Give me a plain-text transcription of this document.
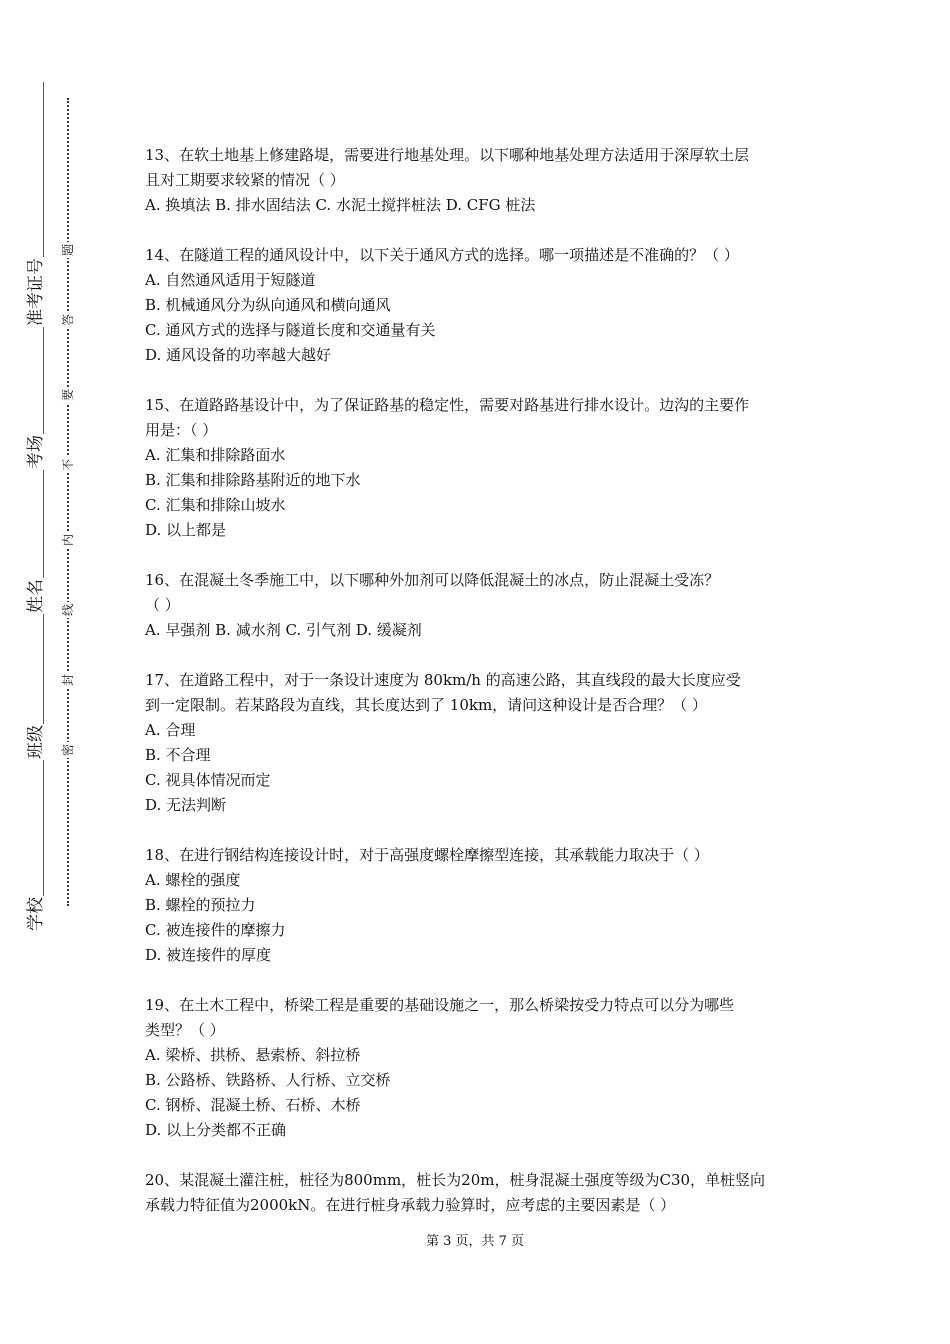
学校
班级
姓名
考场
准考证号
密
封
线
内
不
要
答
题

13、在软土地基上修建路堤，需要进行地基处理。以下哪种地基处理方法适用于深厚软土层

且对工期要求较紧的情况（ ）

A. 换填法 B. 排水固结法 C. 水泥土搅拌桩法 D. CFG 桩法

14、在隧道工程的通风设计中，以下关于通风方式的选择。哪一项描述是不准确的？（ ）

A. 自然通风适用于短隧道

B. 机械通风分为纵向通风和横向通风

C. 通风方式的选择与隧道长度和交通量有关

D. 通风设备的功率越大越好

15、在道路路基设计中，为了保证路基的稳定性，需要对路基进行排水设计。边沟的主要作

用是：（ ）

A. 汇集和排除路面水

B. 汇集和排除路基附近的地下水

C. 汇集和排除山坡水

D. 以上都是

16、在混凝土冬季施工中，以下哪种外加剂可以降低混凝土的冰点，防止混凝土受冻？

（ ）

A. 早强剂 B. 减水剂 C. 引气剂 D. 缓凝剂

17、在道路工程中，对于一条设计速度为 80km/h 的高速公路，其直线段的最大长度应受

到一定限制。若某路段为直线，其长度达到了 10km，请问这种设计是否合理？（ ）

A. 合理

B. 不合理

C. 视具体情况而定

D. 无法判断

18、在进行钢结构连接设计时，对于高强度螺栓摩擦型连接，其承载能力取决于（ ）

A. 螺栓的强度

B. 螺栓的预拉力

C. 被连接件的摩擦力

D. 被连接件的厚度

19、在土木工程中，桥梁工程是重要的基础设施之一，那么桥梁按受力特点可以分为哪些

类型？（ ）

A. 梁桥、拱桥、悬索桥、斜拉桥

B. 公路桥、铁路桥、人行桥、立交桥

C. 钢桥、混凝土桥、石桥、木桥

D. 以上分类都不正确

20、某混凝土灌注桩，桩径为800mm，桩长为20m，桩身混凝土强度等级为C30，单桩竖向

承载力特征值为2000kN。在进行桩身承载力验算时，应考虑的主要因素是（ ）

第 3 页，共 7 页
